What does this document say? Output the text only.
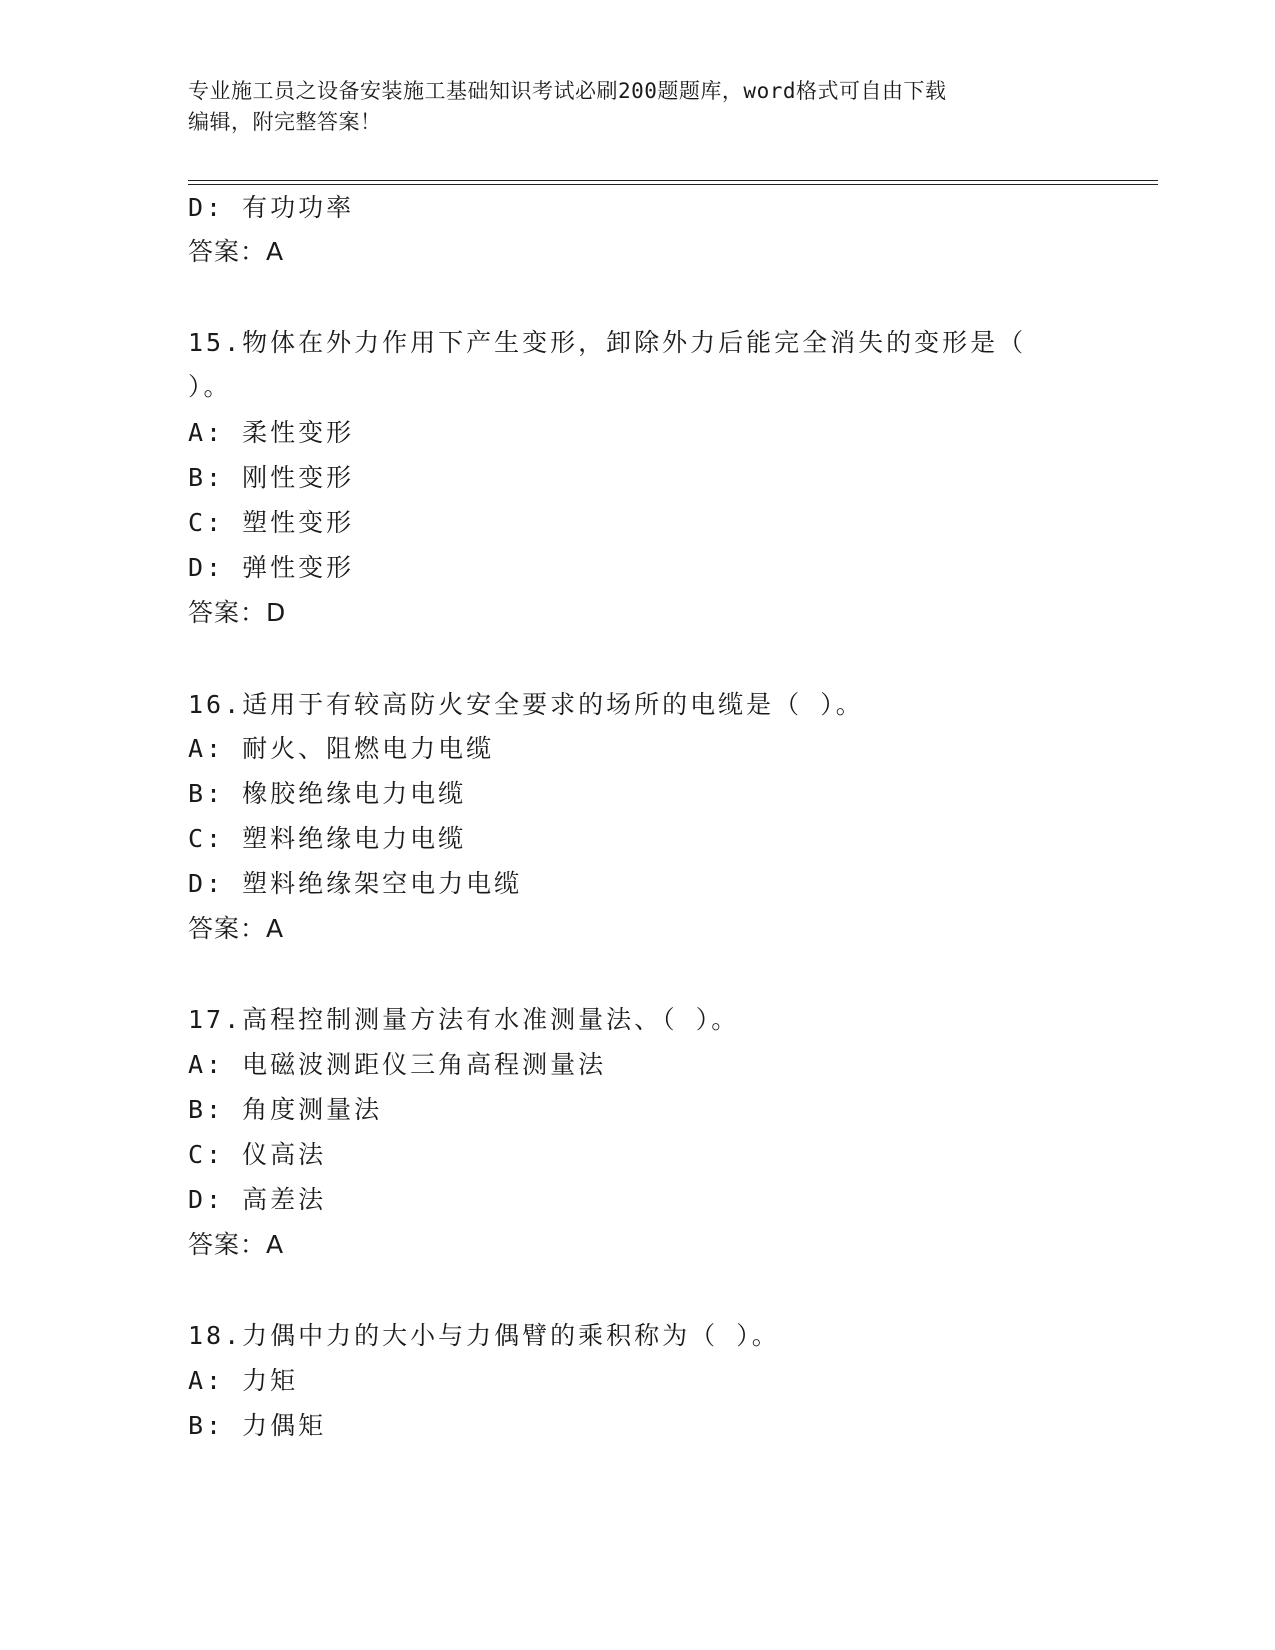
专业施工员之设备安装施工基础知识考试必刷200题题库，word格式可自由下载
编辑，附完整答案！
D: 有功功率
答案：A
15.物体在外力作用下产生变形，卸除外力后能完全消失的变形是（
）。
A: 柔性变形
B: 刚性变形
C: 塑性变形
D: 弹性变形
答案：D
16.适用于有较高防火安全要求的场所的电缆是（ ）。
A: 耐火、阻燃电力电缆
B: 橡胶绝缘电力电缆
C: 塑料绝缘电力电缆
D: 塑料绝缘架空电力电缆
答案：A
17.高程控制测量方法有水准测量法、（ ）。
A: 电磁波测距仪三角高程测量法
B: 角度测量法
C: 仪高法
D: 高差法
答案：A
18.力偶中力的大小与力偶臂的乘积称为（ ）。
A: 力矩
B: 力偶矩
